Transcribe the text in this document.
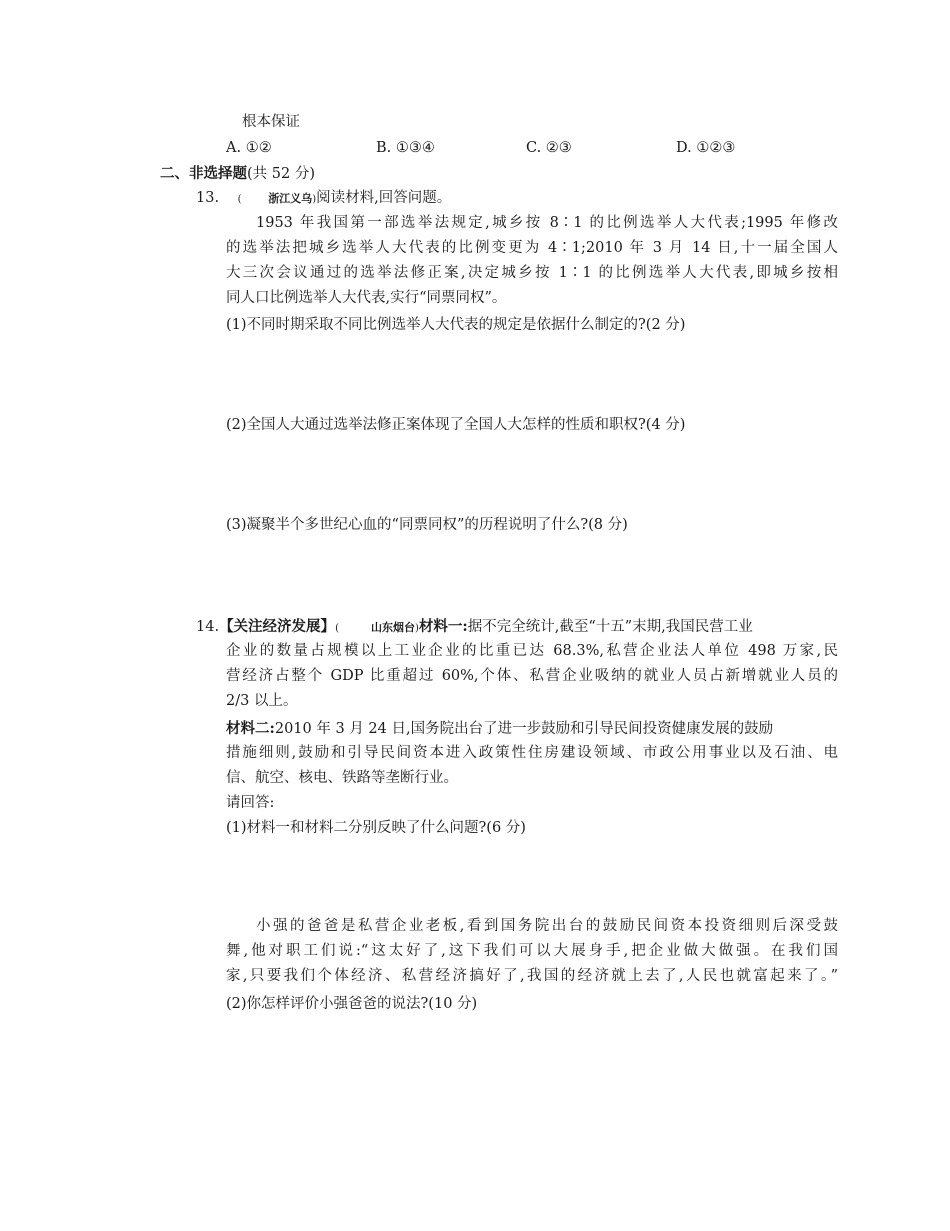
根本保证
A. ①②	B. ①③④	C. ②③	D. ①②③
二、非选择题(共 52 分)
13. ( 浙江义乌)阅读材料,回答问题。
1953 年我国第一部选举法规定,城乡按 8∶1 的比例选举人大代表;1995 年修改
的选举法把城乡选举人大代表的比例变更为 4∶1;2010 年 3 月 14 日,十一届全国人
大三次会议通过的选举法修正案,决定城乡按 1∶1 的比例选举人大代表,即城乡按相
同人口比例选举人大代表,实行“同票同权”。
(1)不同时期采取不同比例选举人大代表的规定是依据什么制定的?(2 分)
(2)全国人大通过选举法修正案体现了全国人大怎样的性质和职权?(4 分)
(3)凝聚半个多世纪心血的“同票同权”的历程说明了什么?(8 分)
14.【关注经济发展】(	山东烟台)材料一:据不完全统计,截至“十五”末期,我国民营工业
企业的数量占规模以上工业企业的比重已达 68.3%,私营企业法人单位 498 万家,民
营经济占整个 GDP 比重超过 60%,个体、私营企业吸纳的就业人员占新增就业人员的
2/3 以上。
材料二:2010 年 3 月 24 日,国务院出台了进一步鼓励和引导民间投资健康发展的鼓励
措施细则,鼓励和引导民间资本进入政策性住房建设领域、市政公用事业以及石油、电
信、航空、核电、铁路等垄断行业。
请回答:
(1)材料一和材料二分别反映了什么问题?(6 分)
小强的爸爸是私营企业老板,看到国务院出台的鼓励民间资本投资细则后深受鼓
舞,他对职工们说:“这太好了,这下我们可以大展身手,把企业做大做强。在我们国
家,只要我们个体经济、私营经济搞好了,我国的经济就上去了,人民也就富起来了。”
(2)你怎样评价小强爸爸的说法?(10 分)
